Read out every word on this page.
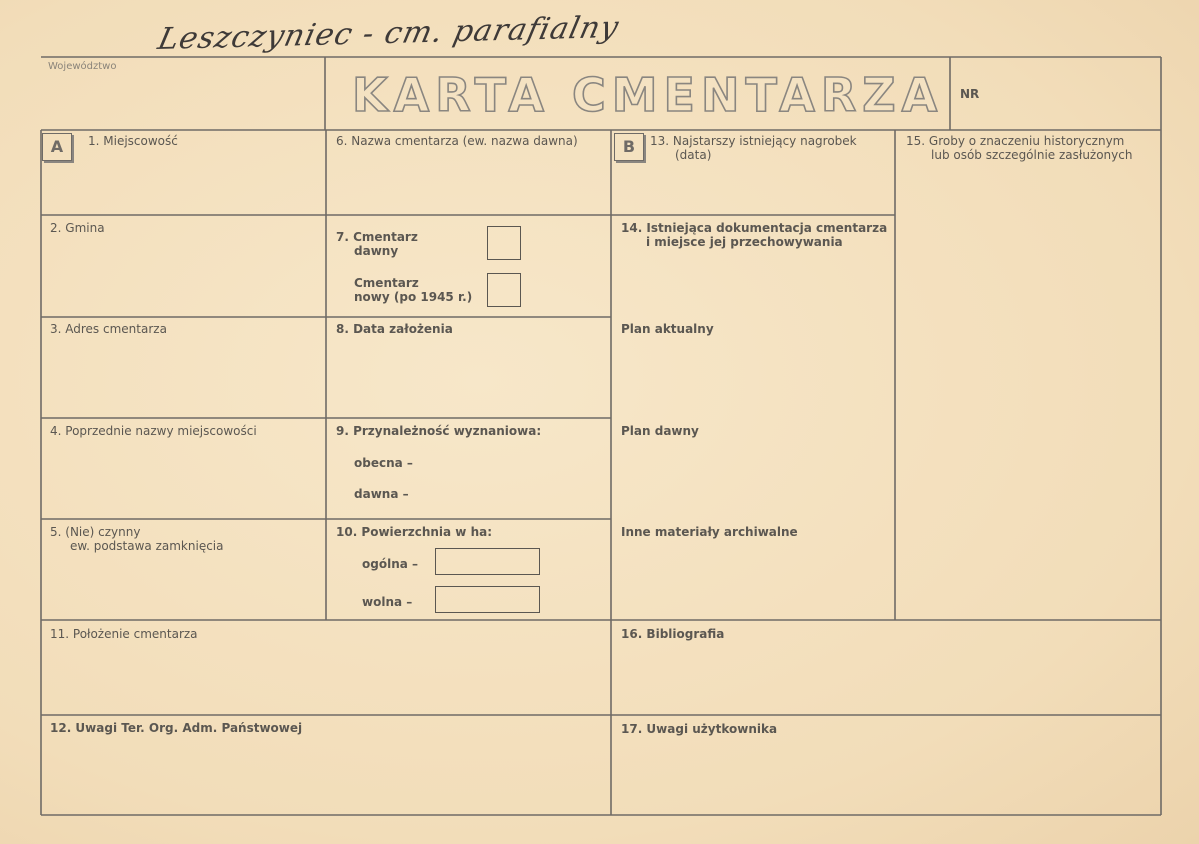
Leszczyniec - cm. parafialny
Województwo
KARTA CMENTARZA NR
A	B
1. Miejscowość
2. Gmina
3. Adres cmentarza
4. Poprzednie nazwy miejscowości
5. (Nie) czynny
ew. podstawa zamknięcia
6. Nazwa cmentarza (ew. nazwa dawna)
7. Cmentarz
dawny
Cmentarz
nowy (po 1945 r.)
8. Data założenia
9. Przynależność wyznaniowa:
obecna –
dawna –
10. Powierzchnia w ha:
ogólna –
wolna –
13. Najstarszy istniejący nagrobek
(data)
14. Istniejąca dokumentacja cmentarza
i miejsce jej przechowywania
Plan aktualny
Plan dawny
Inne materiały archiwalne
15. Groby o znaczeniu historycznym
lub osób szczególnie zasłużonych
11. Położenie cmentarza
12. Uwagi Ter. Org. Adm. Państwowej
16. Bibliografia
17. Uwagi użytkownika
